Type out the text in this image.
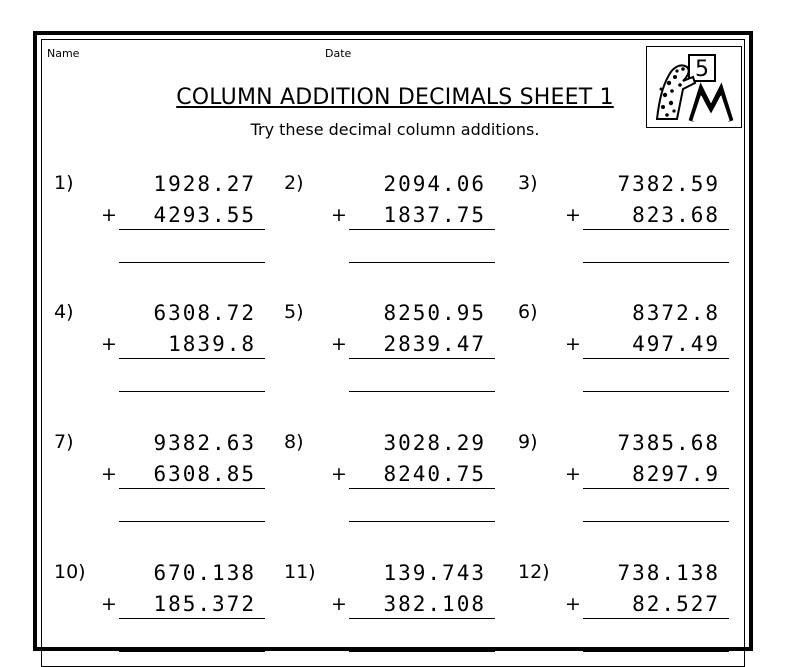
Name	Date
COLUMN ADDITION DECIMALS SHEET 1
Try these decimal column additions.
5
1)	1928.27
+	4293.55
2)	2094.06
+	1837.75
3)	7382.59
+	823.68
4)	6308.72
+	1839.8
5)	8250.95
+	2839.47
6)	8372.8
+	497.49
7)	9382.63
+	6308.85
8)	3028.29
+	8240.75
9)	7385.68
+	8297.9
10)	670.138
+	185.372
11)	139.743
+	382.108
12)	738.138
+	82.527
